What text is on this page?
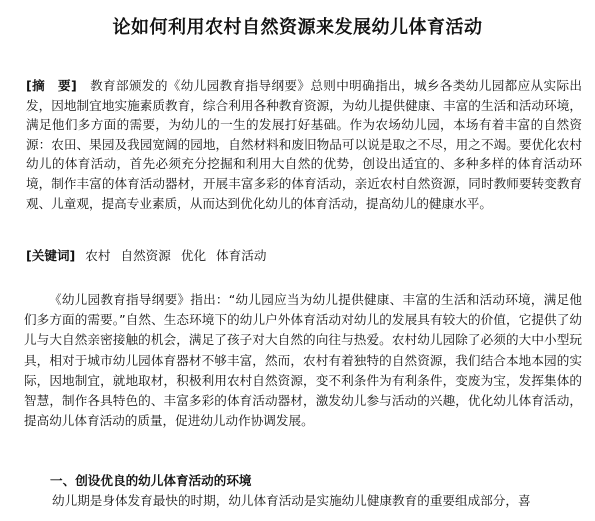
论如何利用农村自然资源来发展幼儿体育活动

[摘　要]　 教育部颁发的《幼儿园教育指导纲要》总则中明确指出，城乡各类幼儿园都应从实际出发，因地制宜地实施素质教育，综合利用各种教育资源，为幼儿提供健康、丰富的生活和活动环境，满足他们多方面的需要，为幼儿的一生的发展打好基础。作为农场幼儿园，本场有着丰富的自然资源：农田、果园及我园宽阔的园地，自然材料和废旧物品可以说是取之不尽，用之不竭。要优化农村幼儿的体育活动，首先必须充分挖掘和利用大自然的优势，创设出适宜的、多种多样的体育活动环境，制作丰富的体育活动器材，开展丰富多彩的体育活动，亲近农村自然资源，同时教师要转变教育观、儿童观，提高专业素质，从而达到优化幼儿的体育活动，提高幼儿的健康水平。

[关键词] 农村 自然资源 优化 体育活动

《幼儿园教育指导纲要》指出：“幼儿园应当为幼儿提供健康、丰富的生活和活动环境，满足他们多方面的需要。”自然、生态环境下的幼儿户外体育活动对幼儿的发展具有较大的价值，它提供了幼儿与大自然亲密接触的机会，满足了孩子对大自然的向往与热爱。农村幼儿园除了必须的大中小型玩具，相对于城市幼儿园体育器材不够丰富，然而，农村有着独特的自然资源，我们结合本地本园的实际，因地制宜，就地取材，积极利用农村自然资源，变不利条件为有利条件，变废为宝，发挥集体的智慧，制作各具特色的、丰富多彩的体育活动器材，激发幼儿参与活动的兴趣，优化幼儿体育活动，提高幼儿体育活动的质量，促进幼儿动作协调发展。

一、创设优良的幼儿体育活动的环境

幼儿期是身体发育最快的时期，幼儿体育活动是实施幼儿健康教育的重要组成部分，喜
